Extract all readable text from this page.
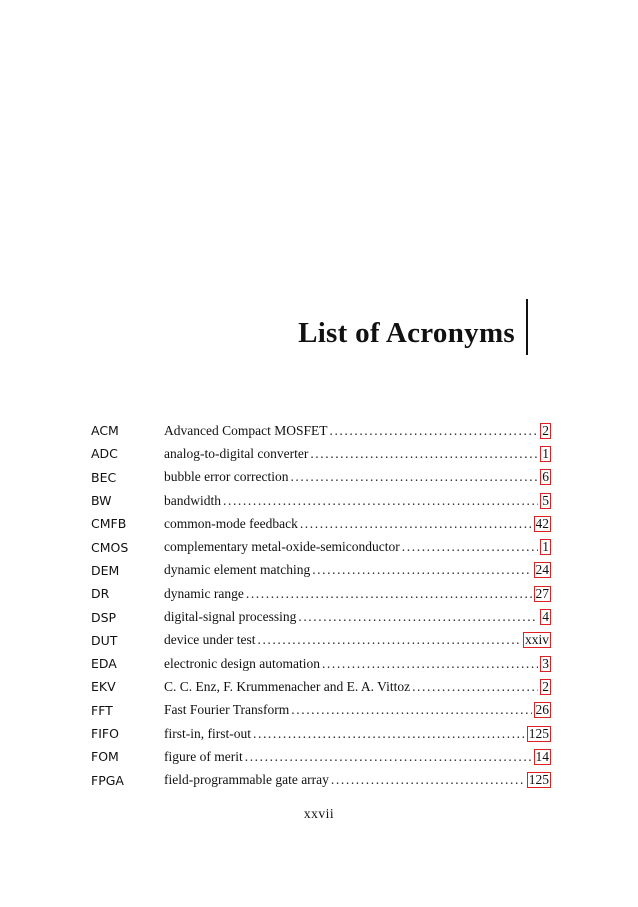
List of Acronyms
ACM	Advanced Compact MOSFET .....	2
ADC	analog-to-digital converter .....	1
BEC	bubble error correction .....	6
BW	bandwidth .....	5
CMFB	common-mode feedback .....	42
CMOS	complementary metal-oxide-semiconductor .....	1
DEM	dynamic element matching .....	24
DR	dynamic range .....	27
DSP	digital-signal processing .....	4
DUT	device under test .....	xxiv
EDA	electronic design automation .....	3
EKV	C. C. Enz, F. Krummenacher and E. A. Vittoz .....	2
FFT	Fast Fourier Transform .....	26
FIFO	first-in, first-out .....	125
FOM	figure of merit .....	14
FPGA	field-programmable gate array .....	125
xxvii
